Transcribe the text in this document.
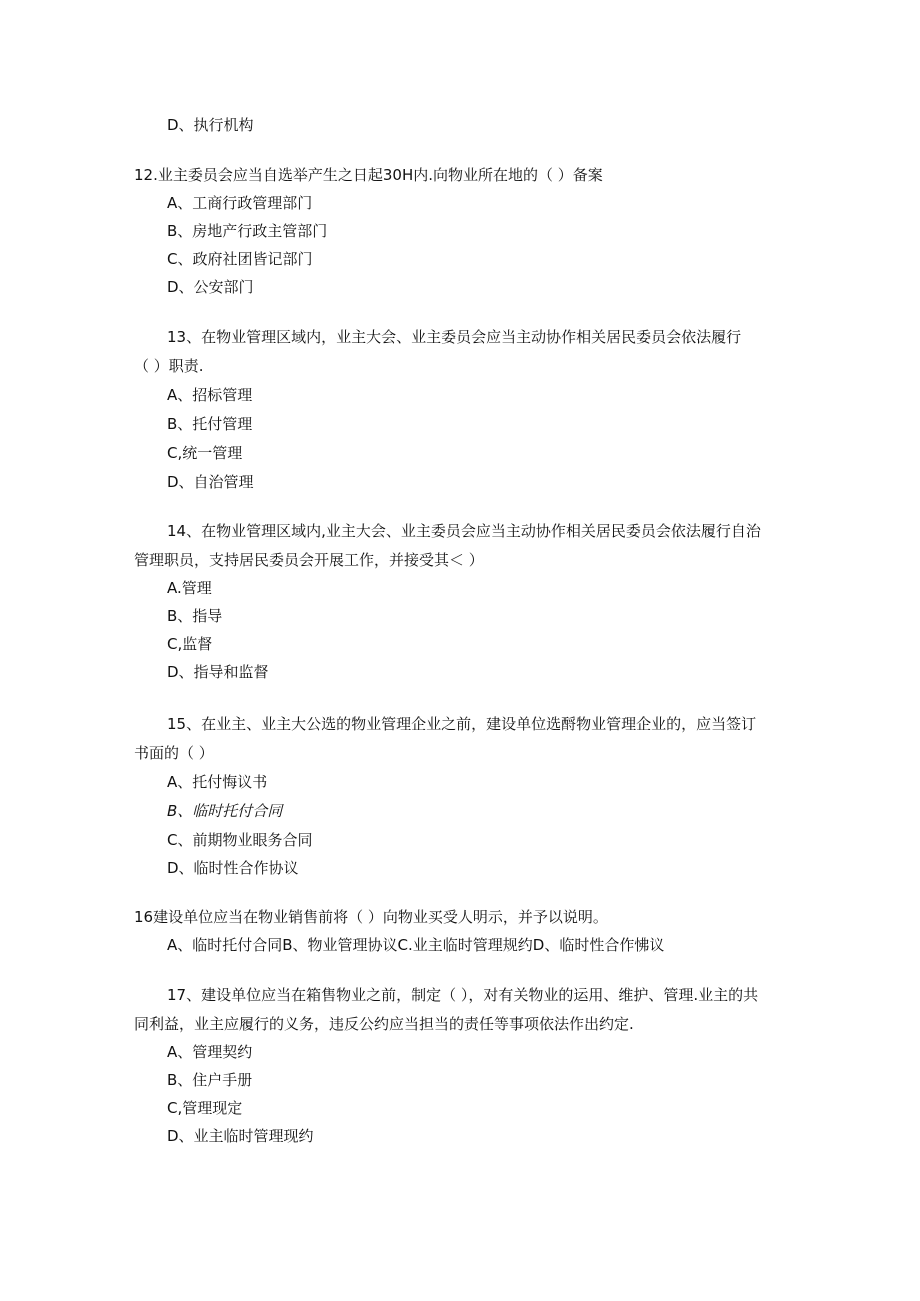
D、执行机构
12.业主委员会应当自选举产生之日起30H内.向物业所在地的（ ）备案
A、工商行政管理部门
B、房地产行政主管部门
C、政府社团皆记部门
D、公安部门
13、在物业管理区域内，业主大会、业主委员会应当主动协作相关居民委员会依法履行
（ ）职责.
A、招标管理
B、托付管理
C,统一管理
D、自治管理
14、在物业管理区域内,业主大会、业主委员会应当主动协作相关居民委员会依法履行自治
管理职员，支持居民委员会开展工作，并接受其＜ ）
A.管理
B、指导
C,监督
D、指导和监督
15、在业主、业主大公选的物业管理企业之前，建设单位选酹物业管理企业的，应当签订
书面的（ ）
A、托付悔议书
B、临时托付合同
C、前期物业眼务合同
D、临时性合作协议
16建设单位应当在物业销售前将（ ）向物业买受人明示，并予以说明。
A、临时托付合同B、物业管理协议C.业主临时管理规约D、临时性合作怫议
17、建设单位应当在箱售物业之前，制定（ ），对有关物业的运用、维护、管理.业主的共
同利益，业主应履行的义务，违反公约应当担当的责任等事项依法作出约定.
A、管理契约
B、住户手册
C,管理现定
D、业主临时管理现约
